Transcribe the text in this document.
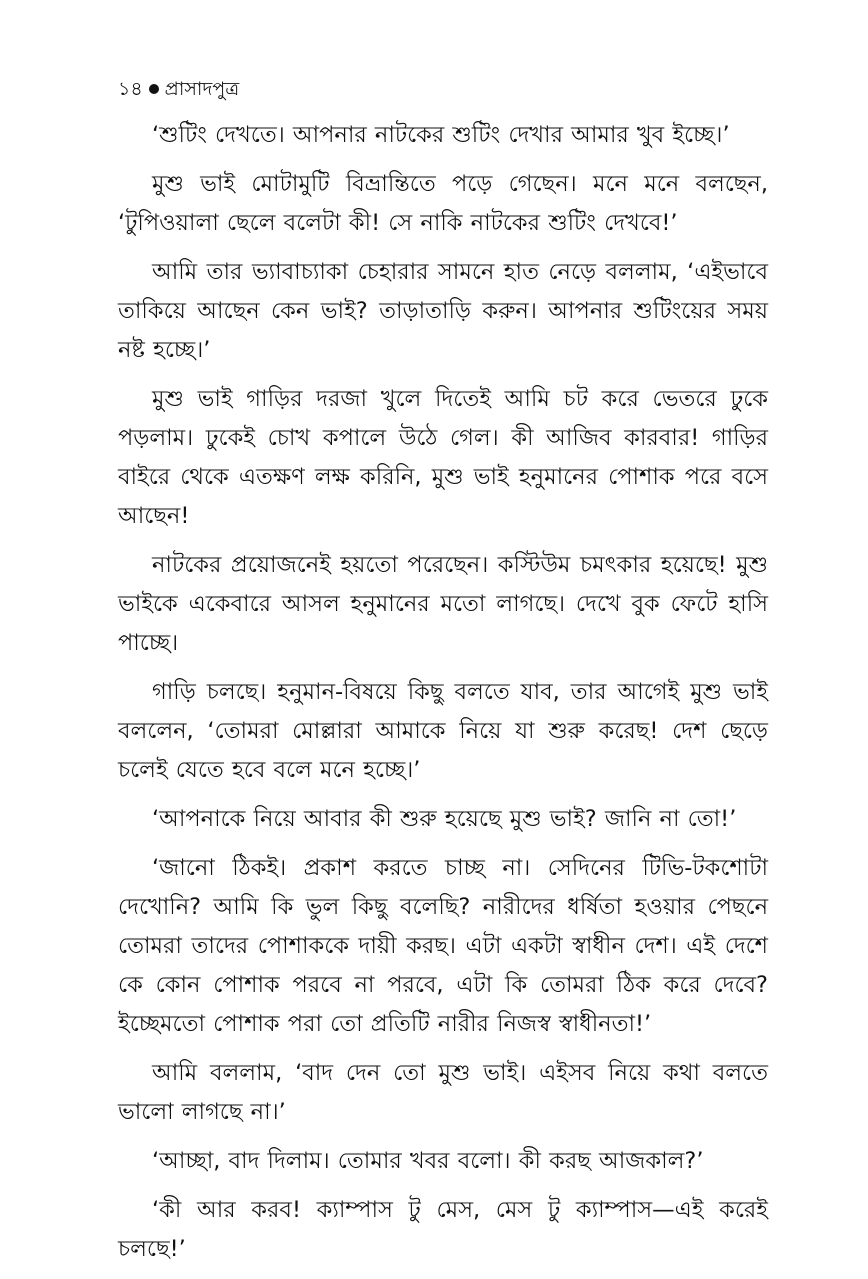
১৪ প্রাসাদপুত্র

‘শুটিং দেখতে। আপনার নাটকের শুটিং দেখার আমার খুব ইচ্ছে।’

মুশু ভাই মোটামুটি বিভ্রান্তিতে পড়ে গেছেন। মনে মনে বলছেন, ‘টুপিওয়ালা ছেলে বলেটা কী! সে নাকি নাটকের শুটিং দেখবে!’

আমি তার ভ্যাবাচ্যাকা চেহারার সামনে হাত নেড়ে বললাম, ‘এইভাবে তাকিয়ে আছেন কেন ভাই? তাড়াতাড়ি করুন। আপনার শুটিংয়ের সময় নষ্ট হচ্ছে।’

মুশু ভাই গাড়ির দরজা খুলে দিতেই আমি চট করে ভেতরে ঢুকে পড়লাম। ঢুকেই চোখ কপালে উঠে গেল। কী আজিব কারবার! গাড়ির বাইরে থেকে এতক্ষণ লক্ষ করিনি, মুশু ভাই হনুমানের পোশাক পরে বসে আছেন!

নাটকের প্রয়োজনেই হয়তো পরেছেন। কস্টিউম চমৎকার হয়েছে! মুশু ভাইকে একেবারে আসল হনুমানের মতো লাগছে। দেখে বুক ফেটে হাসি পাচ্ছে।

গাড়ি চলছে। হনুমান-বিষয়ে কিছু বলতে যাব, তার আগেই মুশু ভাই বললেন, ‘তোমরা মোল্লারা আমাকে নিয়ে যা শুরু করেছ! দেশ ছেড়ে চলেই যেতে হবে বলে মনে হচ্ছে।’

‘আপনাকে নিয়ে আবার কী শুরু হয়েছে মুশু ভাই? জানি না তো!’

‘জানো ঠিকই। প্রকাশ করতে চাচ্ছ না। সেদিনের টিভি-টকশোটা দেখোনি? আমি কি ভুল কিছু বলেছি? নারীদের ধর্ষিতা হওয়ার পেছনে তোমরা তাদের পোশাককে দায়ী করছ। এটা একটা স্বাধীন দেশ। এই দেশে কে কোন পোশাক পরবে না পরবে, এটা কি তোমরা ঠিক করে দেবে? ইচ্ছেমতো পোশাক পরা তো প্রতিটি নারীর নিজস্ব স্বাধীনতা!’

আমি বললাম, ‘বাদ দেন তো মুশু ভাই। এইসব নিয়ে কথা বলতে ভালো লাগছে না।’

‘আচ্ছা, বাদ দিলাম। তোমার খবর বলো। কী করছ আজকাল?’

‘কী আর করব! ক্যাম্পাস টু মেস, মেস টু ক্যাম্পাস—এই করেই চলছে!’
